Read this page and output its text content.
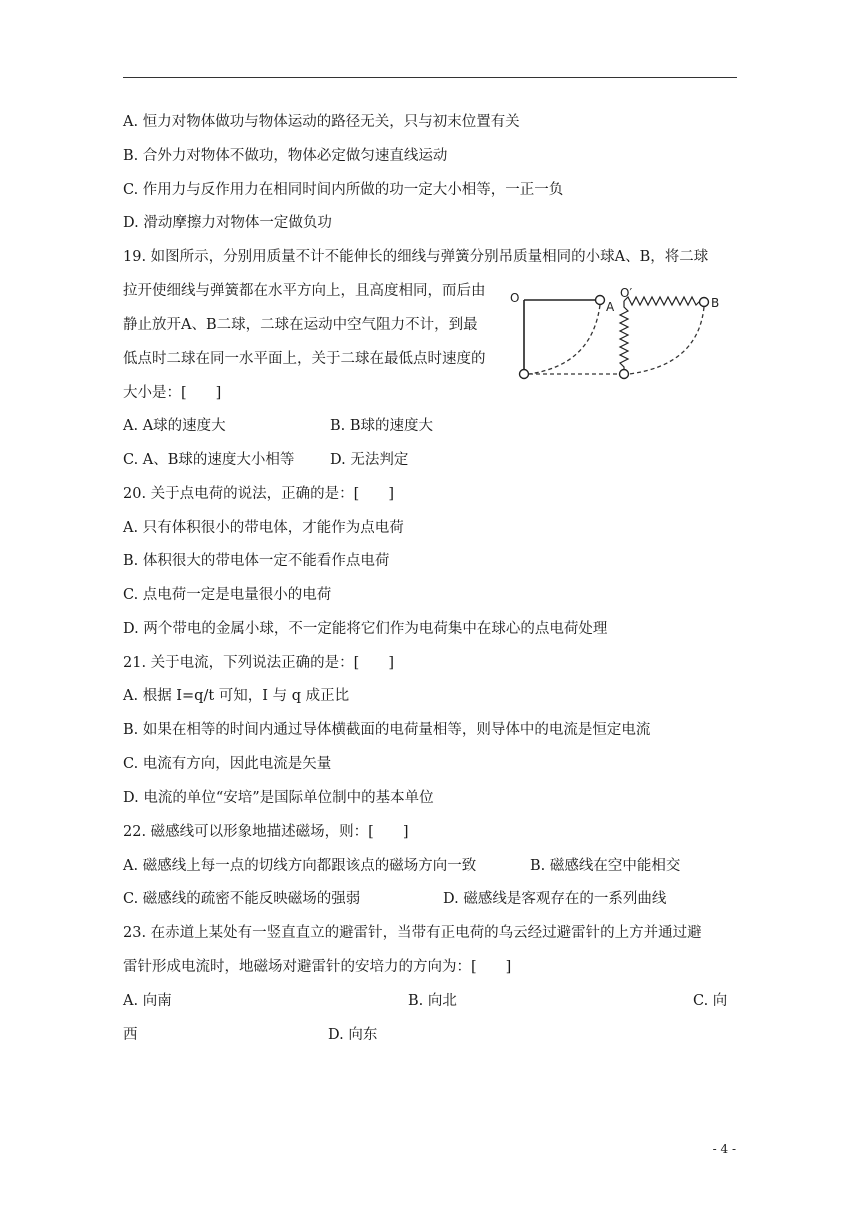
A. 恒力对物体做功与物体运动的路径无关，只与初末位置有关
B. 合外力对物体不做功，物体必定做匀速直线运动
C. 作用力与反作用力在相同时间内所做的功一定大小相等，一正一负
D. 滑动摩擦力对物体一定做负功
19. 如图所示，分别用质量不计不能伸长的细线与弹簧分别吊质量相同的小球A、B，将二球
拉开使细线与弹簧都在水平方向上，且高度相同，而后由
静止放开A、B二球，二球在运动中空气阻力不计，到最
低点时二球在同一水平面上，关于二球在最低点时速度的
大小是：[　　]
O
A
O′
B
A. A球的速度大	B. B球的速度大
C. A、B球的速度大小相等 D. 无法判定
20. 关于点电荷的说法，正确的是：[　　]
A. 只有体积很小的带电体，才能作为点电荷
B. 体积很大的带电体一定不能看作点电荷
C. 点电荷一定是电量很小的电荷
D. 两个带电的金属小球，不一定能将它们作为电荷集中在球心的点电荷处理
21. 关于电流，下列说法正确的是：[　　]
A. 根据 I=q/t 可知，I 与 q 成正比
B. 如果在相等的时间内通过导体横截面的电荷量相等，则导体中的电流是恒定电流
C. 电流有方向，因此电流是矢量
D. 电流的单位“安培”是国际单位制中的基本单位
22. 磁感线可以形象地描述磁场，则：[　　]
A. 磁感线上每一点的切线方向都跟该点的磁场方向一致	B. 磁感线在空中能相交
C. 磁感线的疏密不能反映磁场的强弱	D. 磁感线是客观存在的一系列曲线
23. 在赤道上某处有一竖直直立的避雷针，当带有正电荷的乌云经过避雷针的上方并通过避
雷针形成电流时，地磁场对避雷针的安培力的方向为：[　　]
A. 向南	B. 向北	C. 向
西	D. 向东
- 4 -
